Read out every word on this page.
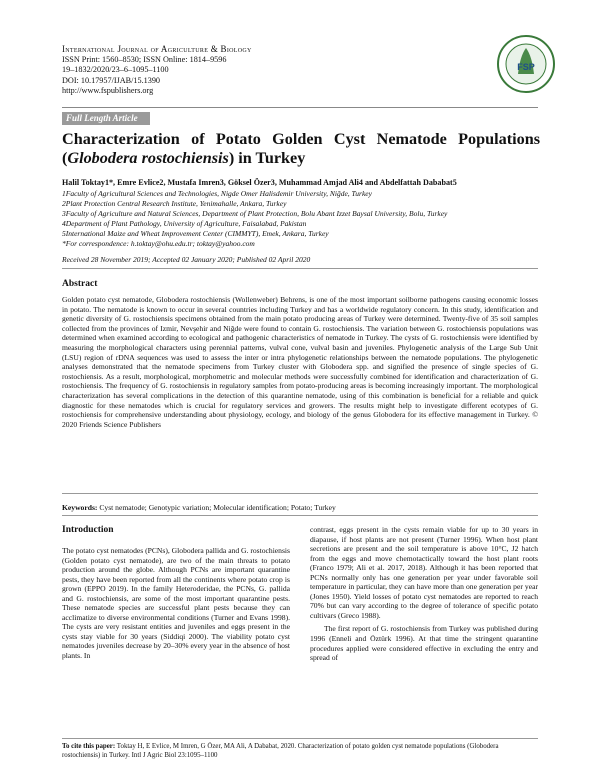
International Journal of Agriculture & Biology
ISSN Print: 1560–8530; ISSN Online: 1814–9596
19–1832/2020/23–6–1095–1100
DOI: 10.17957/IJAB/15.1390
http://www.fspublishers.org
FSP
Full Length Article
Characterization of Potato Golden Cyst Nematode Populations (Globodera rostochiensis) in Turkey
Halil Toktay1*, Emre Evlice2, Mustafa Imren3, Göksel Özer3, Muhammad Amjad Ali4 and Abdelfattah Dababat5
1Faculty of Agricultural Sciences and Technologies, Nigde Omer Halisdemir University, Niğde, Turkey
2Plant Protection Central Research Institute, Yenimahalle, Ankara, Turkey
3Faculty of Agriculture and Natural Sciences, Department of Plant Protection, Bolu Abant Izzet Baysal University, Bolu, Turkey
4Department of Plant Pathology, University of Agriculture, Faisalabad, Pakistan
5International Maize and Wheat Improvement Center (CIMMYT), Emek, Ankara, Turkey
*For correspondence: h.toktay@ohu.edu.tr; toktay@yahoo.com
Received 28 November 2019; Accepted 02 January 2020; Published 02 April 2020
Abstract
Golden potato cyst nematode, Globodera rostochiensis (Wollenweber) Behrens, is one of the most important soilborne pathogens causing economic losses in potato. The nematode is known to occur in several countries including Turkey and has a worldwide regulatory concern. In this study, identification and genetic diversity of G. rostochiensis specimens obtained from the main potato producing areas of Turkey were determined. Twenty-five of 35 soil samples collected from the provinces of Izmir, Nevşehir and Niğde were found to contain G. rostochiensis. The variation between G. rostochiensis populations was determined when examined according to ecological and pathogenic characteristics of nematode in Turkey. The cysts of G. rostochiensis were identified by measuring the morphological characters using perennial patterns, vulval cone, vulval basin and juveniles. Phylogenetic analysis of the Large Sub Unit (LSU) region of rDNA sequences was used to assess the inter or intra phylogenetic relationships between the nematode populations. The phylogenetic analyses demonstrated that the nematode specimens from Turkey cluster with Globodera spp. and signified the presence of single species of G. rostochiensis. As a result, morphological, morphometric and molecular methods were successfully combined for identification and characterization of G. rostochiensis. The frequency of G. rostochiensis in regulatory samples from potato-producing areas is becoming increasingly important. The morphological characterization has several complications in the detection of this quarantine nematode, using of this combination is beneficial for a reliable and quick diagnostic for these nematodes which is crucial for regulatory services and growers. The results might help to investigate different ecotypes of G. rostochiensis for comprehensive understanding about physiology, ecology, and biology of the genus Globodera for its effective management in Turkey. © 2020 Friends Science Publishers
Keywords: Cyst nematode; Genotypic variation; Molecular identification; Potato; Turkey
Introduction

The potato cyst nematodes (PCNs), Globodera pallida and G. rostochiensis (Golden potato cyst nematode), are two of the main threats to potato production around the globe. Although PCNs are important quarantine pests, they have been reported from all the continents where potato crop is grown (EPPO 2019). In the family Heteroderidae, the PCNs, G. pallida and G. rostochiensis, are some of the most important quarantine pests. These nematode species are successful plant pests because they can acclimatize to diverse environmental conditions (Turner and Evans 1998). The cysts are very resistant entities and juveniles and eggs present in the cysts stay viable for 30 years (Siddiqi 2000). The viability potato cyst nematodes juveniles decrease by 20–30% every year in the absence of host plants. In

contrast, eggs present in the cysts remain viable for up to 30 years in diapause, if host plants are not present (Turner 1996). When host plant secretions are present and the soil temperature is above 10°C, J2 hatch from the eggs and move chemotactically toward the host plant roots (Franco 1979; Ali et al. 2017, 2018). Although it has been reported that PCNs normally only has one generation per year under favorable soil temperature in particular, they can have more than one generation per year (Jones 1950). Yield losses of potato cyst nematodes are reported to reach 70% but can vary according to the degree of tolerance of specific potato cultivars (Greco 1988).

The first report of G. rostochiensis from Turkey was published during 1996 (Enneli and Öztürk 1996). At that time the stringent quarantine procedures applied were considered effective in excluding the entry and spread of

To cite this paper: Toktay H, E Evlice, M Imren, G Özer, MA Ali, A Dababat, 2020. Characterization of potato golden cyst nematode populations (Globodera rostochiensis) in Turkey. Intl J Agric Biol 23:1095–1100
